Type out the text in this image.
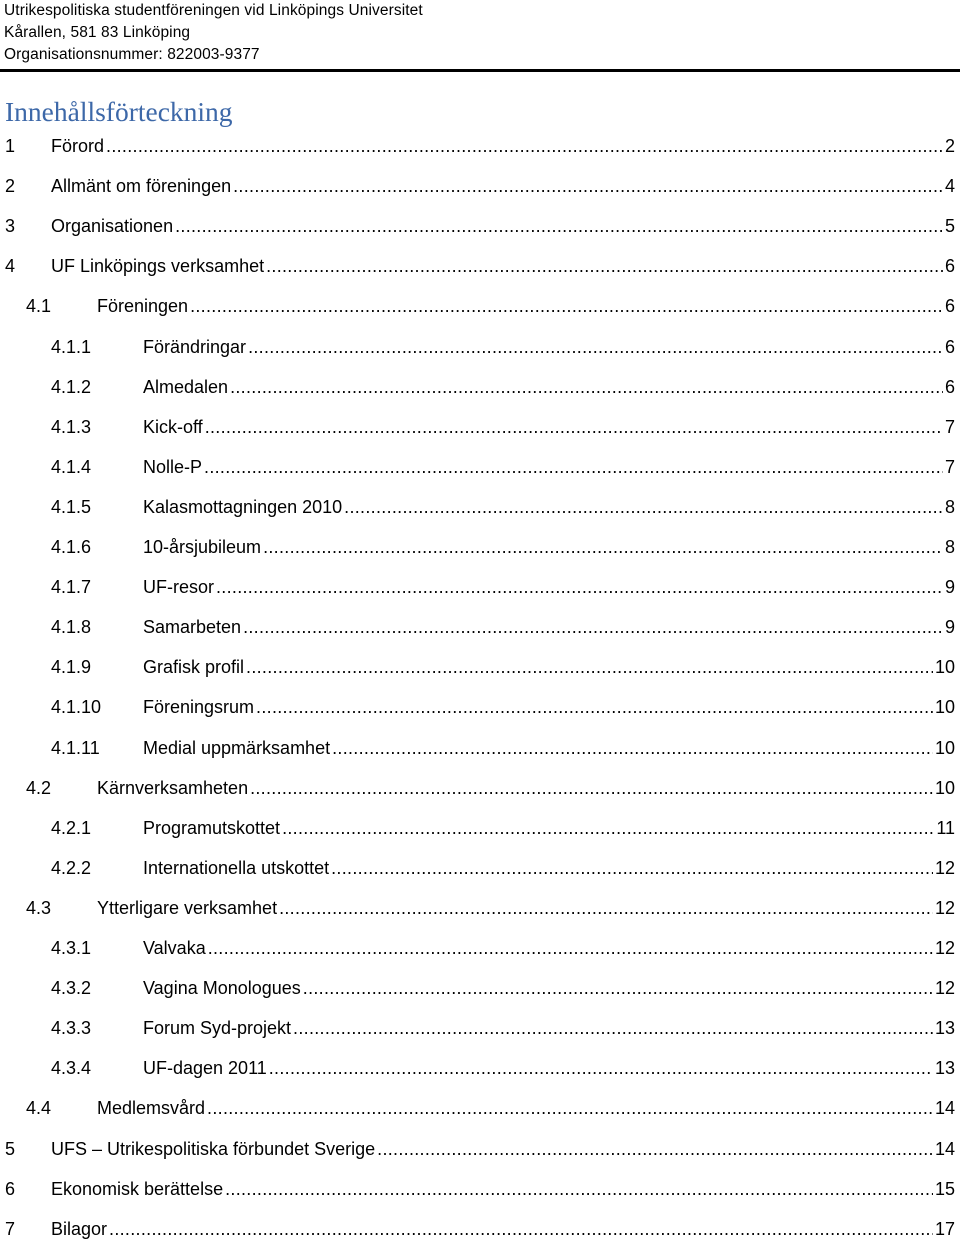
Utrikespolitiska studentföreningen vid Linköpings Universitet
Kårallen, 581 83 Linköping
Organisationsnummer: 822003-9377
Innehållsförteckning
1 Förord . . .	2
2 Allmänt om föreningen . . .	4
3 Organisationen . . .	5
4 UF Linköpings verksamhet . . .	6
4.1	Föreningen . . .	6
4.1.1	Förändringar . . .	6
4.1.2	Almedalen . . .	6
4.1.3	Kick-off . . .	7
4.1.4	Nolle-P . . .	7
4.1.5	Kalasmottagningen 2010 . . .	8
4.1.6	10-årsjubileum . . .	8
4.1.7	UF-resor . . .	9
4.1.8	Samarbeten . . .	9
4.1.9	Grafisk profil . . .	10
4.1.10 Föreningsrum . . .	10
4.1.11 Medial uppmärksamhet . . .	10
4.2	Kärnverksamheten . . .	10
4.2.1	Programutskottet . . .	11
4.2.2	Internationella utskottet . . .	12
4.3	Ytterligare verksamhet . . .	12
4.3.1	Valvaka . . .	12
4.3.2	Vagina Monologues . . .	12
4.3.3	Forum Syd-projekt . . .	13
4.3.4	UF-dagen 2011 . . .	13
4.4	Medlemsvård . . .	14
5 UFS – Utrikespolitiska förbundet Sverige . . .	14
6 Ekonomisk berättelse . . .	15
7 Bilagor . . .	17
